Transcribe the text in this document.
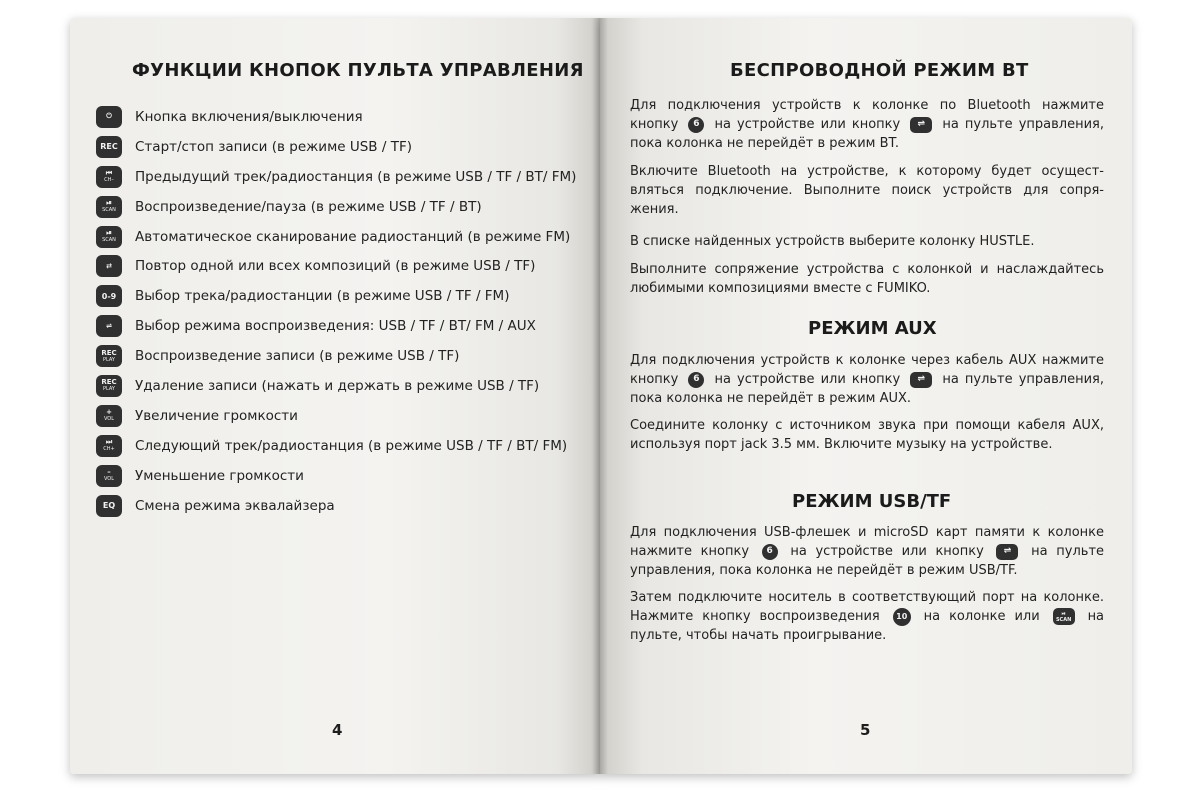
ФУНКЦИИ КНОПОК ПУЛЬТА УПРАВЛЕНИЯ
⏻ Кнопка включения/выключения
REC Старт/стоп записи (в режиме USB / TF)
⏮
CH– Предыдущий трек/радиостанция (в режиме USB / TF / BT/ FM)
⏯
SCAN Воспроизведение/пауза (в режиме USB / TF / BT)
⏯
SCAN Автоматическое сканирование радиостанций (в режиме FM)
⇄ Повтор одной или всех композиций (в режиме USB / TF)
0-9 Выбор трека/радиостанции (в режиме USB / TF / FM)
⇌ Выбор режима воспроизведения: USB / TF / BT/ FM / AUX
REC
PLAY Воспроизведение записи (в режиме USB / TF)
REC
PLAY Удаление записи (нажать и держать в режиме USB / TF)
+
VOL Увеличение громкости
⏭
CH+ Следующий трек/радиостанция (в режиме USB / TF / BT/ FM)
–
VOL Уменьшение громкости
EQ Смена режима эквалайзера
4
БЕСПРОВОДНОЙ РЕЖИМ BT
Для подключения устройств к колонке по Bluetooth нажмите кнопку 6 на устройстве или кнопку ⇌ на пульте управления, пока колонка не перейдёт в режим BT.
Включите Bluetooth на устройстве, к которому будет осущест-вляться подключение. Выполните поиск устройств для сопря-жения.
В списке найденных устройств выберите колонку HUSTLE.
Выполните сопряжение устройства с колонкой и наслаждайтесь любимыми композициями вместе с FUMIKO.
РЕЖИМ AUX
Для подключения устройств к колонке через кабель AUX нажмите кнопку 6 на устройстве или кнопку ⇌ на пульте управления, пока колонка не перейдёт в режим AUX.
Соедините колонку с источником звука при помощи кабеля AUX, используя порт jack 3.5 мм. Включите музыку на устройстве.
РЕЖИМ USB/TF
Для подключения USB-флешек и microSD карт памяти к колонке нажмите кнопку 6 на устройстве или кнопку ⇌ на пульте управления, пока колонка не перейдёт в режим USB/TF.
Затем подключите носитель в соответствующий порт на колонке. Нажмите кнопку воспроизведения 10 на колонке или	⏯
SCAN на пульте, чтобы начать проигрывание.
5
